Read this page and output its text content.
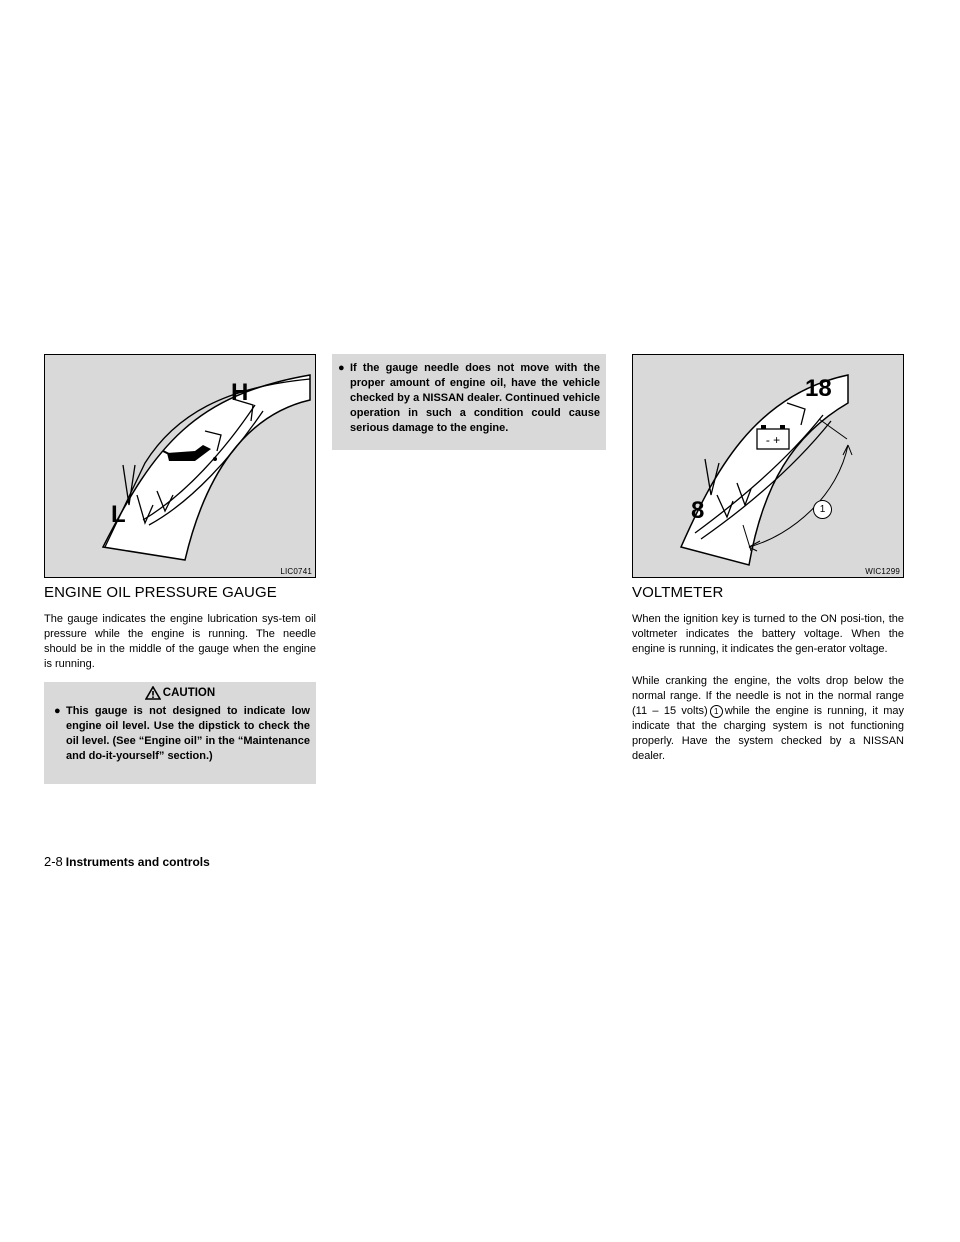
H
L
LIC0741
ENGINE OIL PRESSURE GAUGE

The gauge indicates the engine lubrication sys-tem oil pressure while the engine is running. The needle should be in the middle of the gauge when the engine is running.

CAUTION
● This gauge is not designed to indicate low engine oil level. Use the dipstick to check the oil level. (See “Engine oil” in the “Maintenance and do-it-yourself” section.)
● If the gauge needle does not move with the proper amount of engine oil, have the vehicle checked by a NISSAN dealer. Continued vehicle operation in such a condition could cause serious damage to the engine.
- +
18
8	1
WIC1299
VOLTMETER

When the ignition key is turned to the ON posi-tion, the voltmeter indicates the battery voltage. When the engine is running, it indicates the gen-erator voltage.

While cranking the engine, the volts drop below the normal range. If the needle is not in the normal range (11 – 15 volts) 1 while the engine is running, it may indicate that the charging system is not functioning properly. Have the system checked by a NISSAN dealer.

2-8 Instruments and controls
